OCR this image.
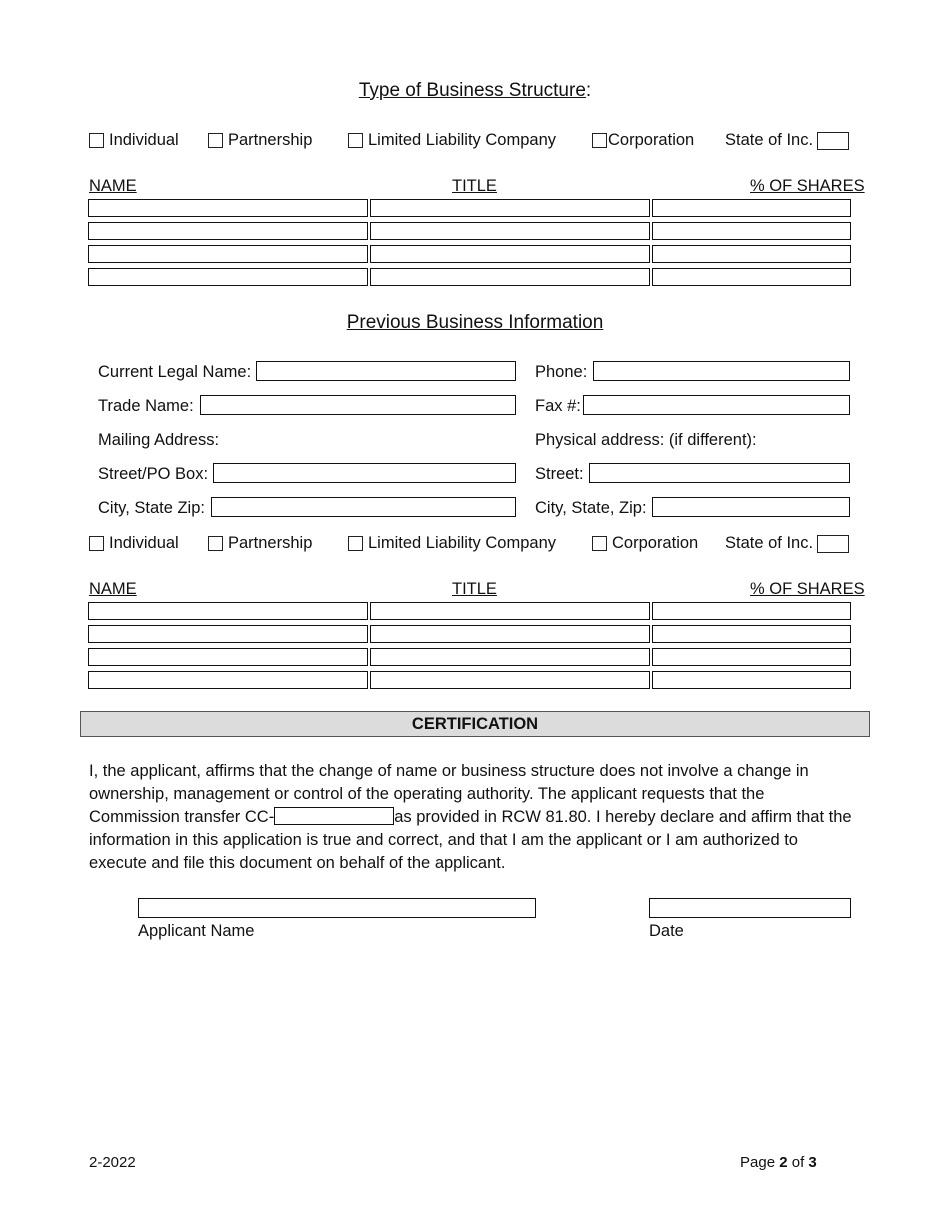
Type of Business Structure:
Individual	Partnership	Limited Liability Company	Corporation State of Inc.
NAME	TITLE	% OF SHARES
Previous Business Information
Current Legal Name:	Phone:
Trade Name:	Fax #:
Mailing Address:	Physical address: (if different):
Street/PO Box:	Street:
City, State Zip:	City, State, Zip:
Individual	Partnership	Limited Liability Company	Corporation State of Inc.
NAME	TITLE	% OF SHARES
CERTIFICATION
I, the applicant, affirms that the change of name or business structure does not involve a change in ownership, management or control of the operating authority. The applicant requests that the Commission transfer CC-	as provided in RCW 81.80. I hereby declare and affirm that the information in this application is true and correct, and that I am the applicant or I am authorized to execute and file this document on behalf of the applicant.
Applicant Name	Date
2-2022	Page 2 of 3
